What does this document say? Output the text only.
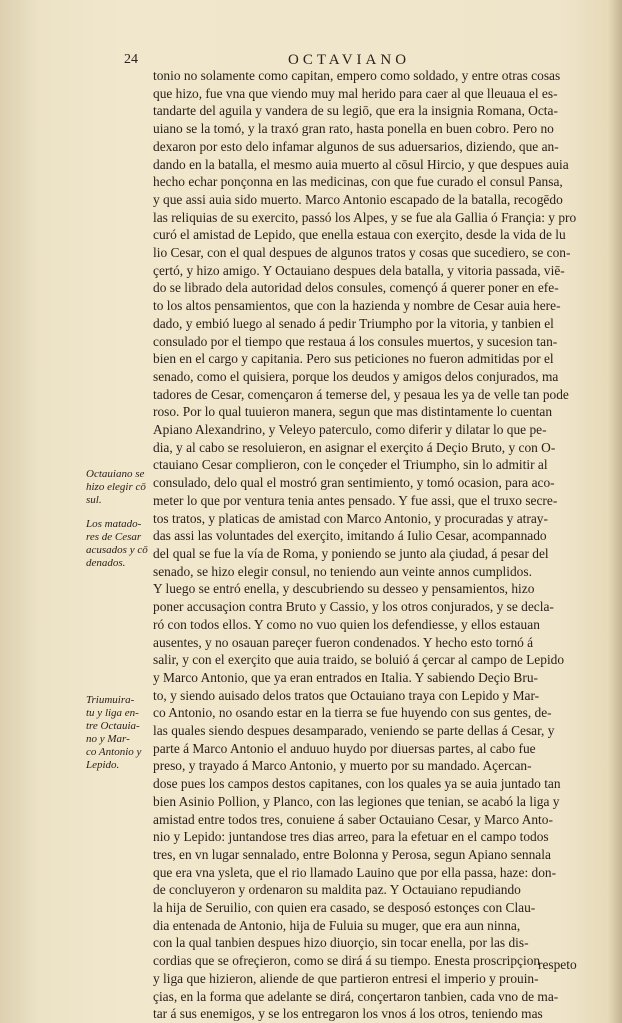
24	OCTAVIANO
tonio no solamente como capitan, empero como soldado, y entre otras cosas
que hizo, fue vna que viendo muy mal herido para caer al que lleuaua el es-
tandarte del aguila y vandera de su legiō, que era la insignia Romana, Octa-
uiano se la tomó, y la traxó gran rato, hasta ponella en buen cobro. Pero no
dexaron por esto delo infamar algunos de sus aduersarios, diziendo, que an-
dando en la batalla, el mesmo auia muerto al cōsul Hircio, y que despues auia
hecho echar ponçonna en las medicinas, con que fue curado el consul Pansa,
y que assi auia sido muerto. Marco Antonio escapado de la batalla, recogēdo
las reliquias de su exercito, passó los Alpes, y se fue ala Gallia ó Françia: y pro
curó el amistad de Lepido, que enella estaua con exerçito, desde la vida de lu
lio Cesar, con el qual despues de algunos tratos y cosas que sucediero, se con-
çertó, y hizo amigo. Y Octauiano despues dela batalla, y vitoria passada, viē-
do se librado dela autoridad delos consules, començó á querer poner en efe-
to los altos pensamientos, que con la hazienda y nombre de Cesar auia here-
dado, y embió luego al senado á pedir Triumpho por la vitoria, y tanbien el
consulado por el tiempo que restaua á los consules muertos, y sucesion tan-
bien en el cargo y capitania. Pero sus peticiones no fueron admitidas por el
senado, como el quisiera, porque los deudos y amigos delos conjurados, ma
tadores de Cesar, començaron á temerse del, y pesaua les ya de velle tan pode
roso. Por lo qual tuuieron manera, segun que mas distintamente lo cuentan
Apiano Alexandrino, y Veleyo paterculo, como diferir y dilatar lo que pe-
dia, y al cabo se resoluieron, en asignar el exerçito á Deçio Bruto, y con O-
ctauiano Cesar complieron, con le conçeder el Triumpho, sin lo admitir al
consulado, delo qual el mostró gran sentimiento, y tomó ocasion, para aco-
meter lo que por ventura tenia antes pensado. Y fue assi, que el truxo secre-
tos tratos, y platicas de amistad con Marco Antonio, y procuradas y atray-
das assi las voluntades del exerçito, imitando á Iulio Cesar, acompannado
del qual se fue la vía de Roma, y poniendo se junto ala çiudad, á pesar del
senado, se hizo elegir consul, no teniendo aun veinte annos cumplidos.
Y luego se entró enella, y descubriendo su desseo y pensamientos, hizo
poner accusaçion contra Bruto y Cassio, y los otros conjurados, y se decla-
ró con todos ellos. Y como no vuo quien los defendiesse, y ellos estauan
ausentes, y no osauan pareçer fueron condenados. Y hecho esto tornó á
salir, y con el exerçito que auia traido, se boluió á çercar al campo de Lepido
y Marco Antonio, que ya eran entrados en Italia. Y sabiendo Deçio Bru-
to, y siendo auisado delos tratos que Octauiano traya con Lepido y Mar-
co Antonio, no osando estar en la tierra se fue huyendo con sus gentes, de-
las quales siendo despues desamparado, veniendo se parte dellas á Cesar, y
parte á Marco Antonio el anduuo huydo por diuersas partes, al cabo fue
preso, y trayado á Marco Antonio, y muerto por su mandado. Açercan-
dose pues los campos destos capitanes, con los quales ya se auia juntado tan
bien Asinio Pollion, y Planco, con las legiones que tenian, se acabó la liga y
amistad entre todos tres, conuiene á saber Octauiano Cesar, y Marco Anto-
nio y Lepido: juntandose tres dias arreo, para la efetuar en el campo todos
tres, en vn lugar sennalado, entre Bolonna y Perosa, segun Apiano sennala
que era vna ysleta, que el rio llamado Lauino que por ella passa, haze: don-
de concluyeron y ordenaron su maldita paz. Y Octauiano repudiando
la hija de Seruilio, con quien era casado, se desposó estonçes con Clau-
dia entenada de Antonio, hija de Fuluia su muger, que era aun ninna,
con la qual tanbien despues hizo diuorçio, sin tocar enella, por las dis-
cordias que se ofreçieron, como se dirá á su tiempo. Enesta proscripçion
y liga que hizieron, aliende de que partieron entresi el imperio y prouin-
çias, en la forma que adelante se dirá, conçertaron tanbien, cada vno de ma-
tar á sus enemigos, y se los entregaron los vnos á los otros, teniendo mas
Octauiano se
hizo elegir cō
sul.
Los matado-
res de Cesar
acusados y cō
denados.
Triumuira-
tu y liga en-
tre Octauia-
no y Mar-
co Antonio y
Lepido.
respeto
